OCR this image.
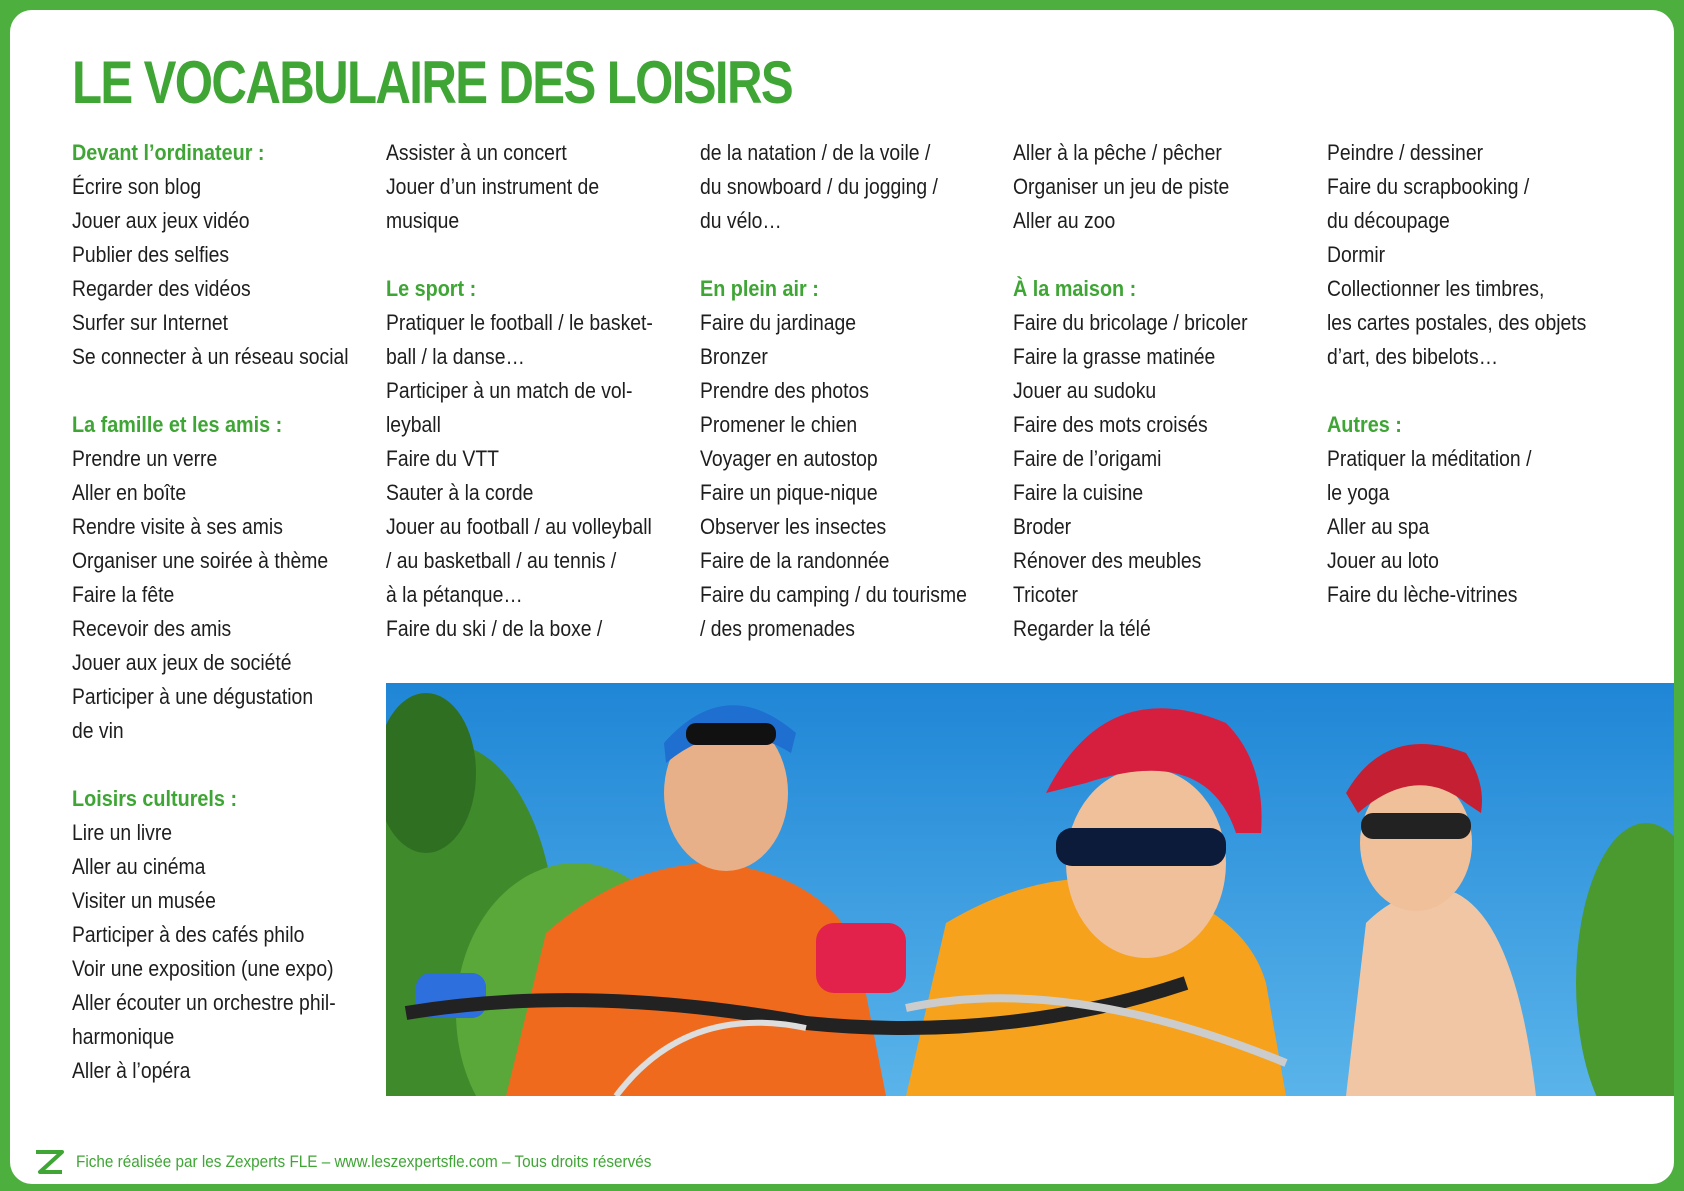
LE VOCABULAIRE DES LOISIRS
Devant l’ordinateur :
Écrire son blog
Jouer aux jeux vidéo
Publier des selfies
Regarder des vidéos
Surfer sur Internet
Se connecter à un réseau social
La famille et les amis :
Prendre un verre
Aller en boîte
Rendre visite à ses amis
Organiser une soirée à thème
Faire la fête
Recevoir des amis
Jouer aux jeux de société
Participer à une dégustation
de vin
Loisirs culturels :
Lire un livre
Aller au cinéma
Visiter un musée
Participer à des cafés philo
Voir une exposition (une expo)
Aller écouter un orchestre phil-
harmonique
Aller à l’opéra
Assister à un concert
Jouer d’un instrument de
musique
Le sport :
Pratiquer le football / le basket-
ball / la danse…
Participer à un match de vol-
leyball
Faire du VTT
Sauter à la corde
Jouer au football / au volleyball
/ au basketball / au tennis /
à la pétanque…
Faire du ski / de la boxe /
de la natation / de la voile /
du snowboard / du jogging /
du vélo…
En plein air :
Faire du jardinage
Bronzer
Prendre des photos
Promener le chien
Voyager en autostop
Faire un pique-nique
Observer les insectes
Faire de la randonnée
Faire du camping / du tourisme
/ des promenades
Aller à la pêche / pêcher
Organiser un jeu de piste
Aller au zoo
À la maison :
Faire du bricolage / bricoler
Faire la grasse matinée
Jouer au sudoku
Faire des mots croisés
Faire de l’origami
Faire la cuisine
Broder
Rénover des meubles
Tricoter
Regarder la télé
Peindre / dessiner
Faire du scrapbooking /
du découpage
Dormir
Collectionner les timbres,
les cartes postales, des objets
d’art, des bibelots…
Autres :
Pratiquer la méditation /
le yoga
Aller au spa
Jouer au loto
Faire du lèche-vitrines
Fiche réalisée par les Zexperts FLE – www.leszexpertsfle.com – Tous droits réservés
